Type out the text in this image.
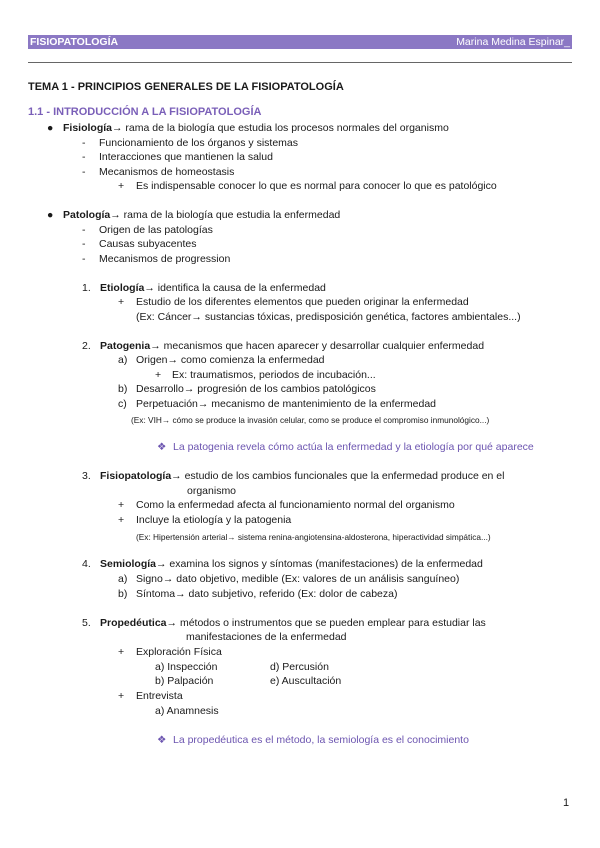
FISIOPATOLOGÍA	Marina Medina Espinar_
TEMA 1 - PRINCIPIOS GENERALES DE LA FISIOPATOLOGÍA
1.1 - INTRODUCCIÓN A LA FISIOPATOLOGÍA
● Fisiología→ rama de la biología que estudia los procesos normales del organismo
- Funcionamiento de los órganos y sistemas
- Interacciones que mantienen la salud
- Mecanismos de homeostasis
+ Es indispensable conocer lo que es normal para conocer lo que es patológico
● Patología→ rama de la biología que estudia la enfermedad
- Origen de las patologías
- Causas subyacentes
- Mecanismos de progression
1. Etiología→ identifica la causa de la enfermedad
+ Estudio de los diferentes elementos que pueden originar la enfermedad
(Ex: Cáncer→ sustancias tóxicas, predisposición genética, factores ambientales...)
2. Patogenia→ mecanismos que hacen aparecer y desarrollar cualquier enfermedad
a) Origen→ como comienza la enfermedad
+ Ex: traumatismos, periodos de incubación...
b) Desarrollo→ progresión de los cambios patológicos
c) Perpetuación→ mecanismo de mantenimiento de la enfermedad
(Ex: VIH→ cómo se produce la invasión celular, como se produce el compromiso inmunológico...)
❖ La patogenia revela cómo actúa la enfermedad y la etiología por qué aparece
3. Fisiopatología→ estudio de los cambios funcionales que la enfermedad produce en el
organismo
+ Como la enfermedad afecta al funcionamiento normal del organismo
+ Incluye la etiología y la patogenia
(Ex: Hipertensión arterial→ sistema renina-angiotensina-aldosterona, hiperactividad simpática...)
4. Semiología→ examina los signos y síntomas (manifestaciones) de la enfermedad
a) Signo→ dato objetivo, medible (Ex: valores de un análisis sanguíneo)
b) Síntoma→ dato subjetivo, referido (Ex: dolor de cabeza)
5. Propedéutica→ métodos o instrumentos que se pueden emplear para estudiar las
manifestaciones de la enfermedad
+ Exploración Física
a) Inspección	d) Percusión
b) Palpación	e) Auscultación
+ Entrevista
a) Anamnesis
❖ La propedéutica es el método, la semiología es el conocimiento
1
